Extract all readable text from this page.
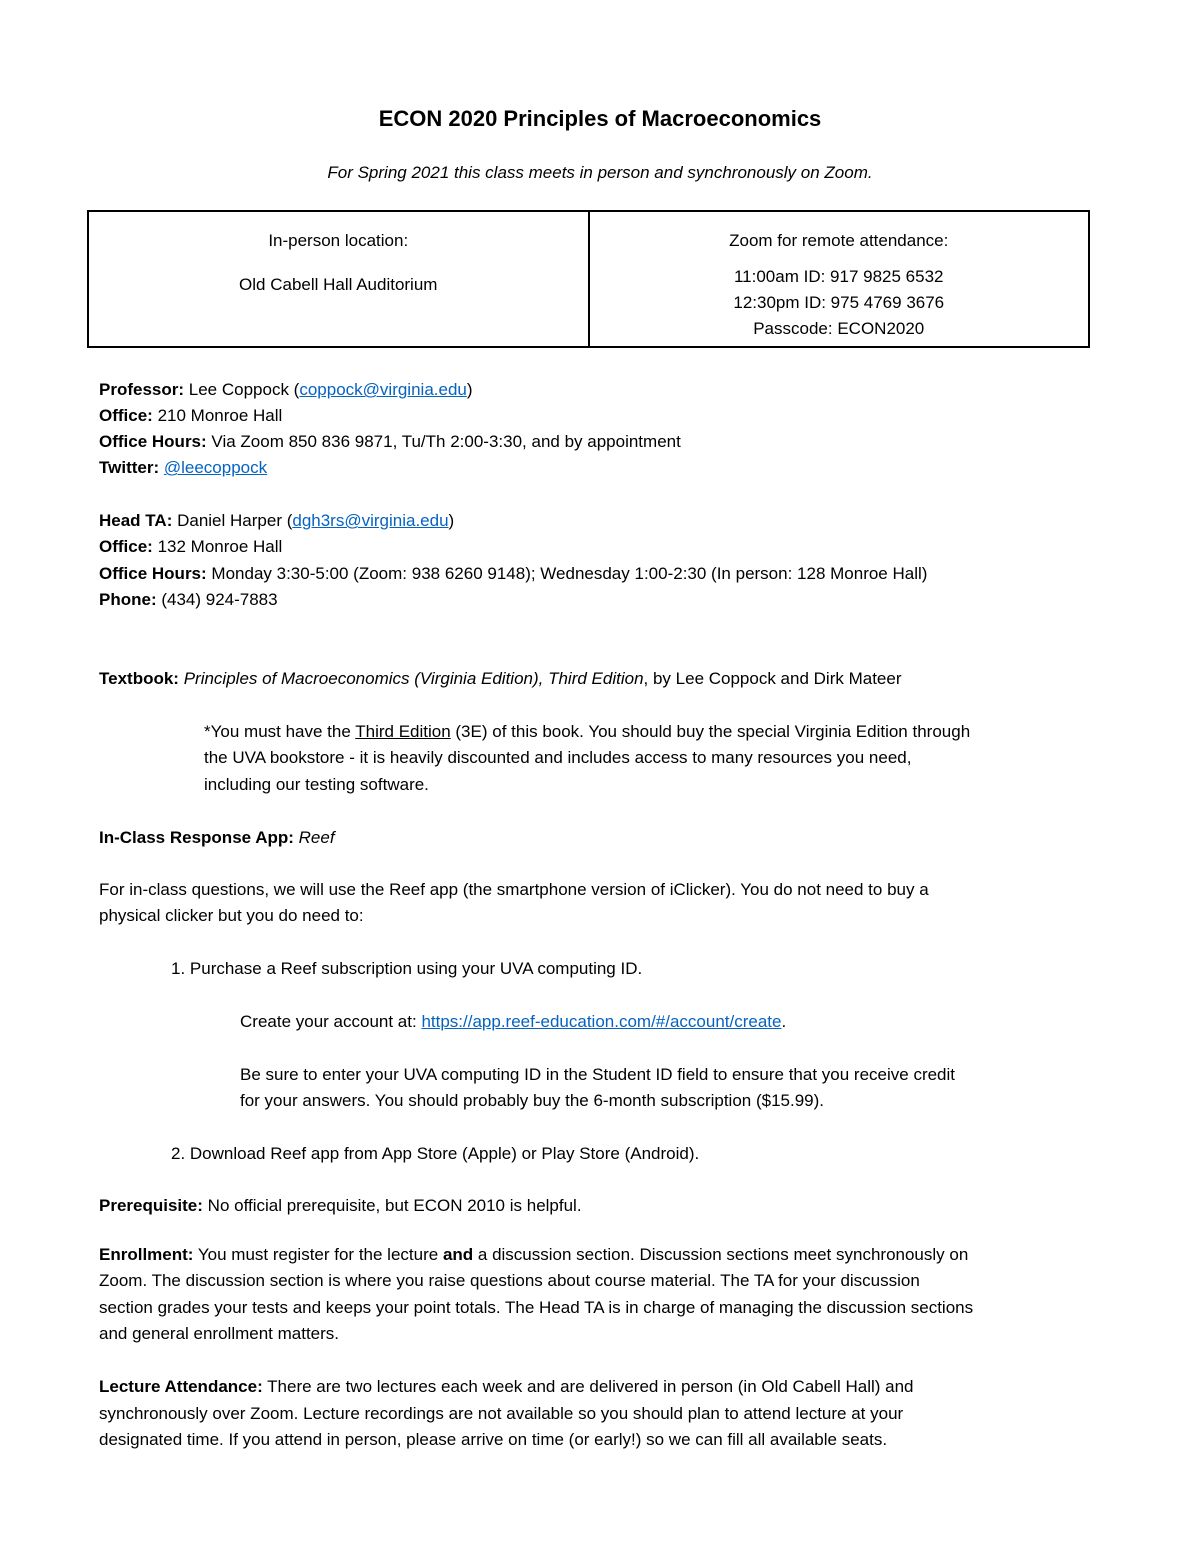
ECON 2020 Principles of Macroeconomics
For Spring 2021 this class meets in person and synchronously on Zoom.
In-person location:
Old Cabell Hall Auditorium

Zoom for remote attendance:
11:00am ID: 917 9825 6532
12:30pm ID: 975 4769 3676
Passcode: ECON2020
Professor: Lee Coppock (coppock@virginia.edu)
Office: 210 Monroe Hall
Office Hours: Via Zoom 850 836 9871, Tu/Th 2:00-3:30, and by appointment
Twitter: @leecoppock
Head TA: Daniel Harper (dgh3rs@virginia.edu)
Office: 132 Monroe Hall
Office Hours: Monday 3:30-5:00 (Zoom: 938 6260 9148); Wednesday 1:00-2:30 (In person: 128 Monroe Hall)
Phone: (434) 924-7883
Textbook: Principles of Macroeconomics (Virginia Edition), Third Edition, by Lee Coppock and Dirk Mateer
*You must have the Third Edition (3E) of this book. You should buy the special Virginia Edition through
the UVA bookstore - it is heavily discounted and includes access to many resources you need,
including our testing software.
In-Class Response App: Reef
For in-class questions, we will use the Reef app (the smartphone version of iClicker). You do not need to buy a
physical clicker but you do need to:
1. Purchase a Reef subscription using your UVA computing ID.
Create your account at: https://app.reef-education.com/#/account/create.
Be sure to enter your UVA computing ID in the Student ID field to ensure that you receive credit
for your answers. You should probably buy the 6-month subscription ($15.99).
2. Download Reef app from App Store (Apple) or Play Store (Android).
Prerequisite: No official prerequisite, but ECON 2010 is helpful.
Enrollment: You must register for the lecture and a discussion section. Discussion sections meet synchronously on
Zoom. The discussion section is where you raise questions about course material. The TA for your discussion
section grades your tests and keeps your point totals. The Head TA is in charge of managing the discussion sections
and general enrollment matters.
Lecture Attendance: There are two lectures each week and are delivered in person (in Old Cabell Hall) and
synchronously over Zoom. Lecture recordings are not available so you should plan to attend lecture at your
designated time. If you attend in person, please arrive on time (or early!) so we can fill all available seats.
